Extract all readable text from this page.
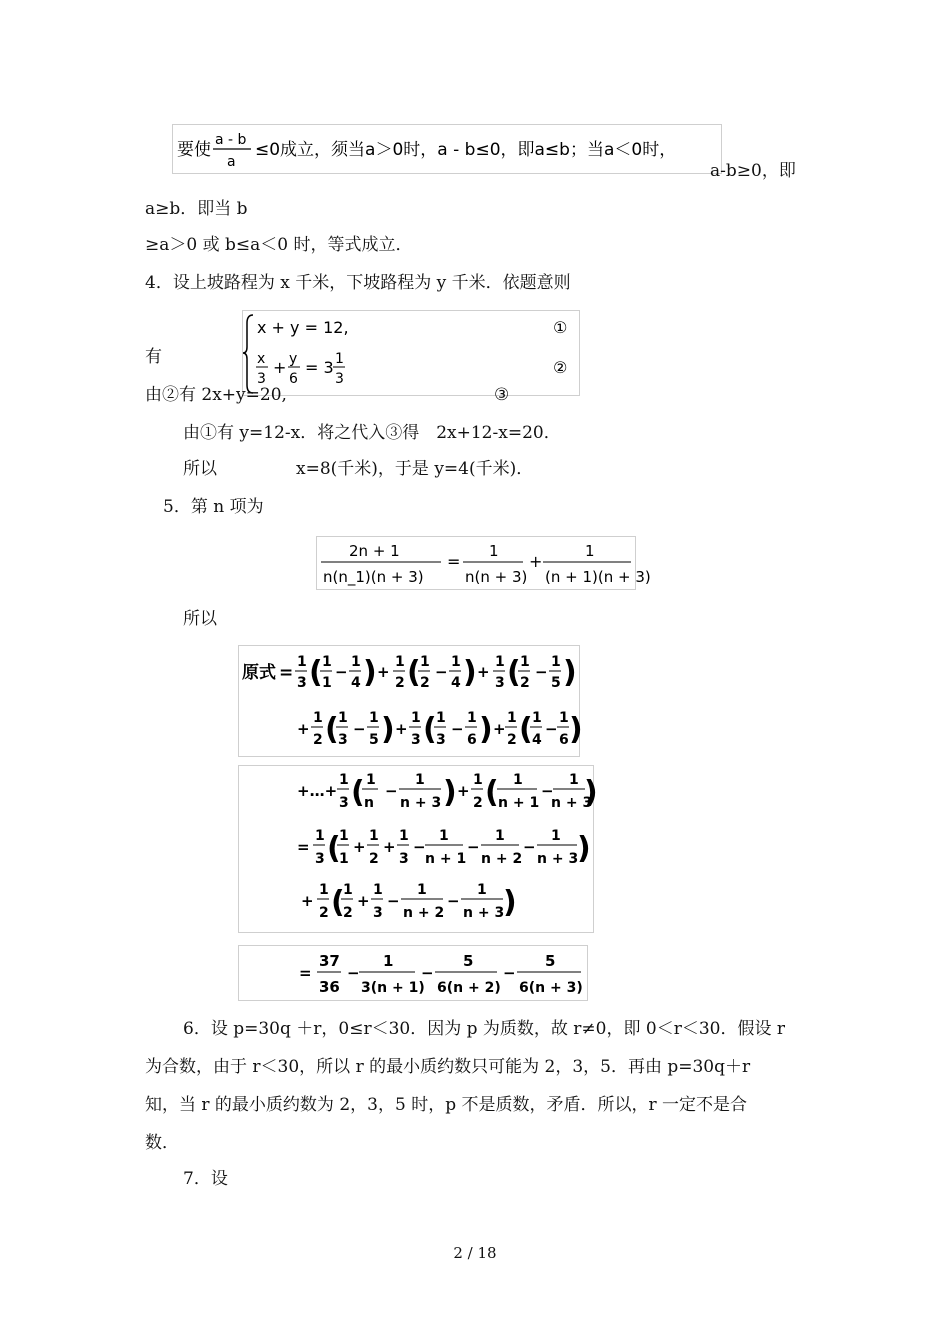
要使 a - b
a
≤0成立，须当a＞0时，a - b≤0，即a≤b；当a＜0时，
a-b≥0，即
a≥b．即当 b
≥a＞0 或 b≤a＜0 时，等式成立．
4．设上坡路程为 x 千米，下坡路程为 y 千米．依题意则
有
x + y = 12,
x
3
+ y
6
= 3 1
3
①
②
由②有 2x+y=20,	③
由①有 y=12-x．将之代入③得　2x+12-x=20．
所以	x=8(千米)，于是 y=4(千米)．
5．第 n 项为
2n + 1
n(n_1)(n + 3)
=
1
n(n + 3)
+
1
(n + 1)(n + 3)
所以
原式 =
1
3 ( 1
1
−
1
4 ) +
1
2 ( 1
2
−
1
4 ) +
1
3 ( 1
2
−
1
5 )
+
1
2 ( 1
3
−
1
5 ) +
1
3 ( 1
3
−
1
6 ) +
1
2 ( 1
4
−
1
6 )
+…+
1
3 ( 1
n
−
1
n + 3 ) +
1
2 ( 1
n + 1
−
1
n + 3
)
=
1
3 (
1
1
+
1
2
+
1
3
−
1
n + 1
−
1
n + 2
−
1
n + 3
)
+
1
2 (
1
2
+
1
3
−
1
n + 2
−
1
n + 3
)
=
37
36
−
1
3(n + 1)
−
5
6(n + 2)
−
5
6(n + 3)
6．设 p=30q ＋r，0≤r＜30．因为 p 为质数，故 r≠0，即 0＜r＜30．假设 r
为合数，由于 r＜30，所以 r 的最小质约数只可能为 2，3，5．再由 p=30q＋r
知，当 r 的最小质约数为 2，3，5 时，p 不是质数，矛盾．所以，r 一定不是合
数．
7．设
2 / 18
